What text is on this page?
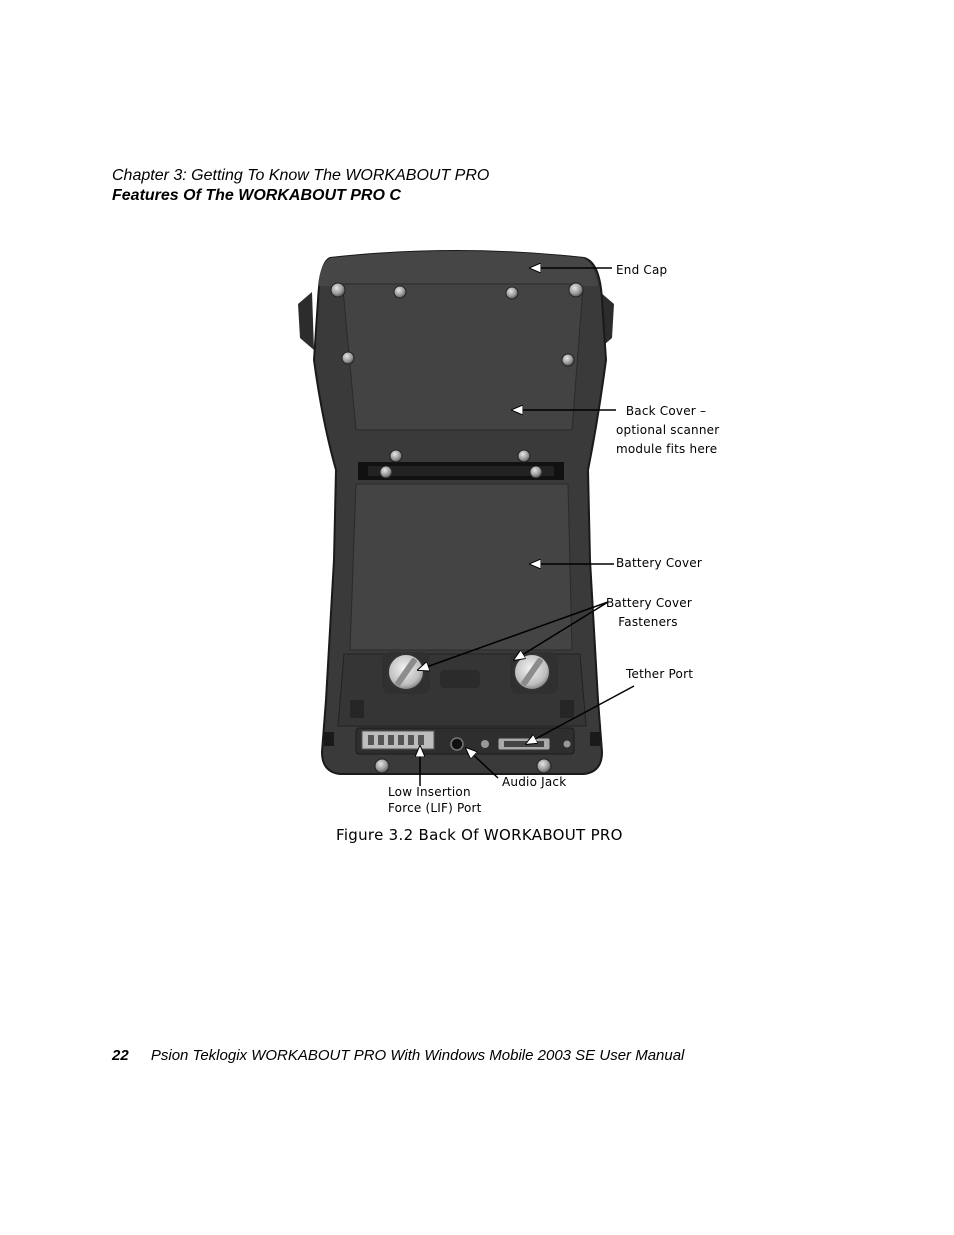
Chapter 3: Getting To Know The WORKABOUT PRO
Features Of The WORKABOUT PRO C
End Cap
Back Cover –
optional scanner
module fits here
Battery Cover
Battery Cover
Fasteners
Tether Port
Audio Jack
Low Insertion
Force (LIF) Port
Figure 3.2 Back Of WORKABOUT PRO
22 Psion Teklogix WORKABOUT PRO With Windows Mobile 2003 SE User Manual
